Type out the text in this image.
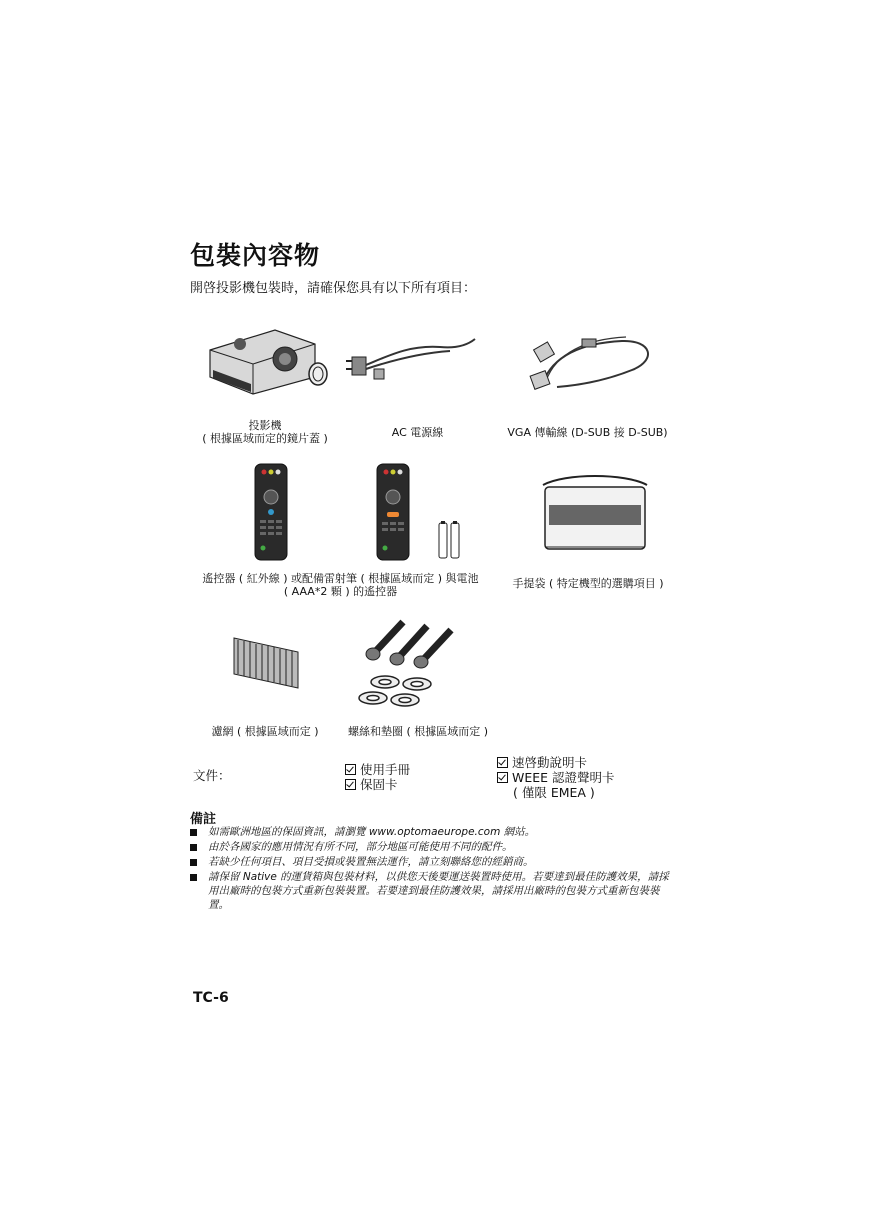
包裝內容物
開啓投影機包裝時，請確保您具有以下所有項目：
投影機
( 根據區域而定的鏡片蓋 )	AC 電源線	VGA 傳輸線 (D-SUB 接 D-SUB)
遙控器 ( 紅外線 ) 或配備雷射筆 ( 根據區域而定 ) 與電池
( AAA*2 顆 ) 的遙控器
手提袋 ( 特定機型的選購項目 )
濾網 ( 根據區域而定 )	螺絲和墊圈 ( 根據區域而定 )
文件：	使用手冊
保固卡
速啓動說明卡
WEEE 認證聲明卡
( 僅限 EMEA )
備註
如需歐洲地區的保固資訊，請瀏覽 www.optomaeurope.com 網站。
由於各國家的應用情況有所不同，部分地區可能使用不同的配件。
若缺少任何項目、項目受損或裝置無法運作，請立刻聯絡您的經銷商。
請保留 Native 的運貨箱與包裝材料，以供您天後要運送裝置時使用。若要達到最佳防護效果，請採用出廠時的包裝方式重新包裝裝置。若要達到最佳防護效果，請採用出廠時的包裝方式重新包裝裝置。
TC-6
